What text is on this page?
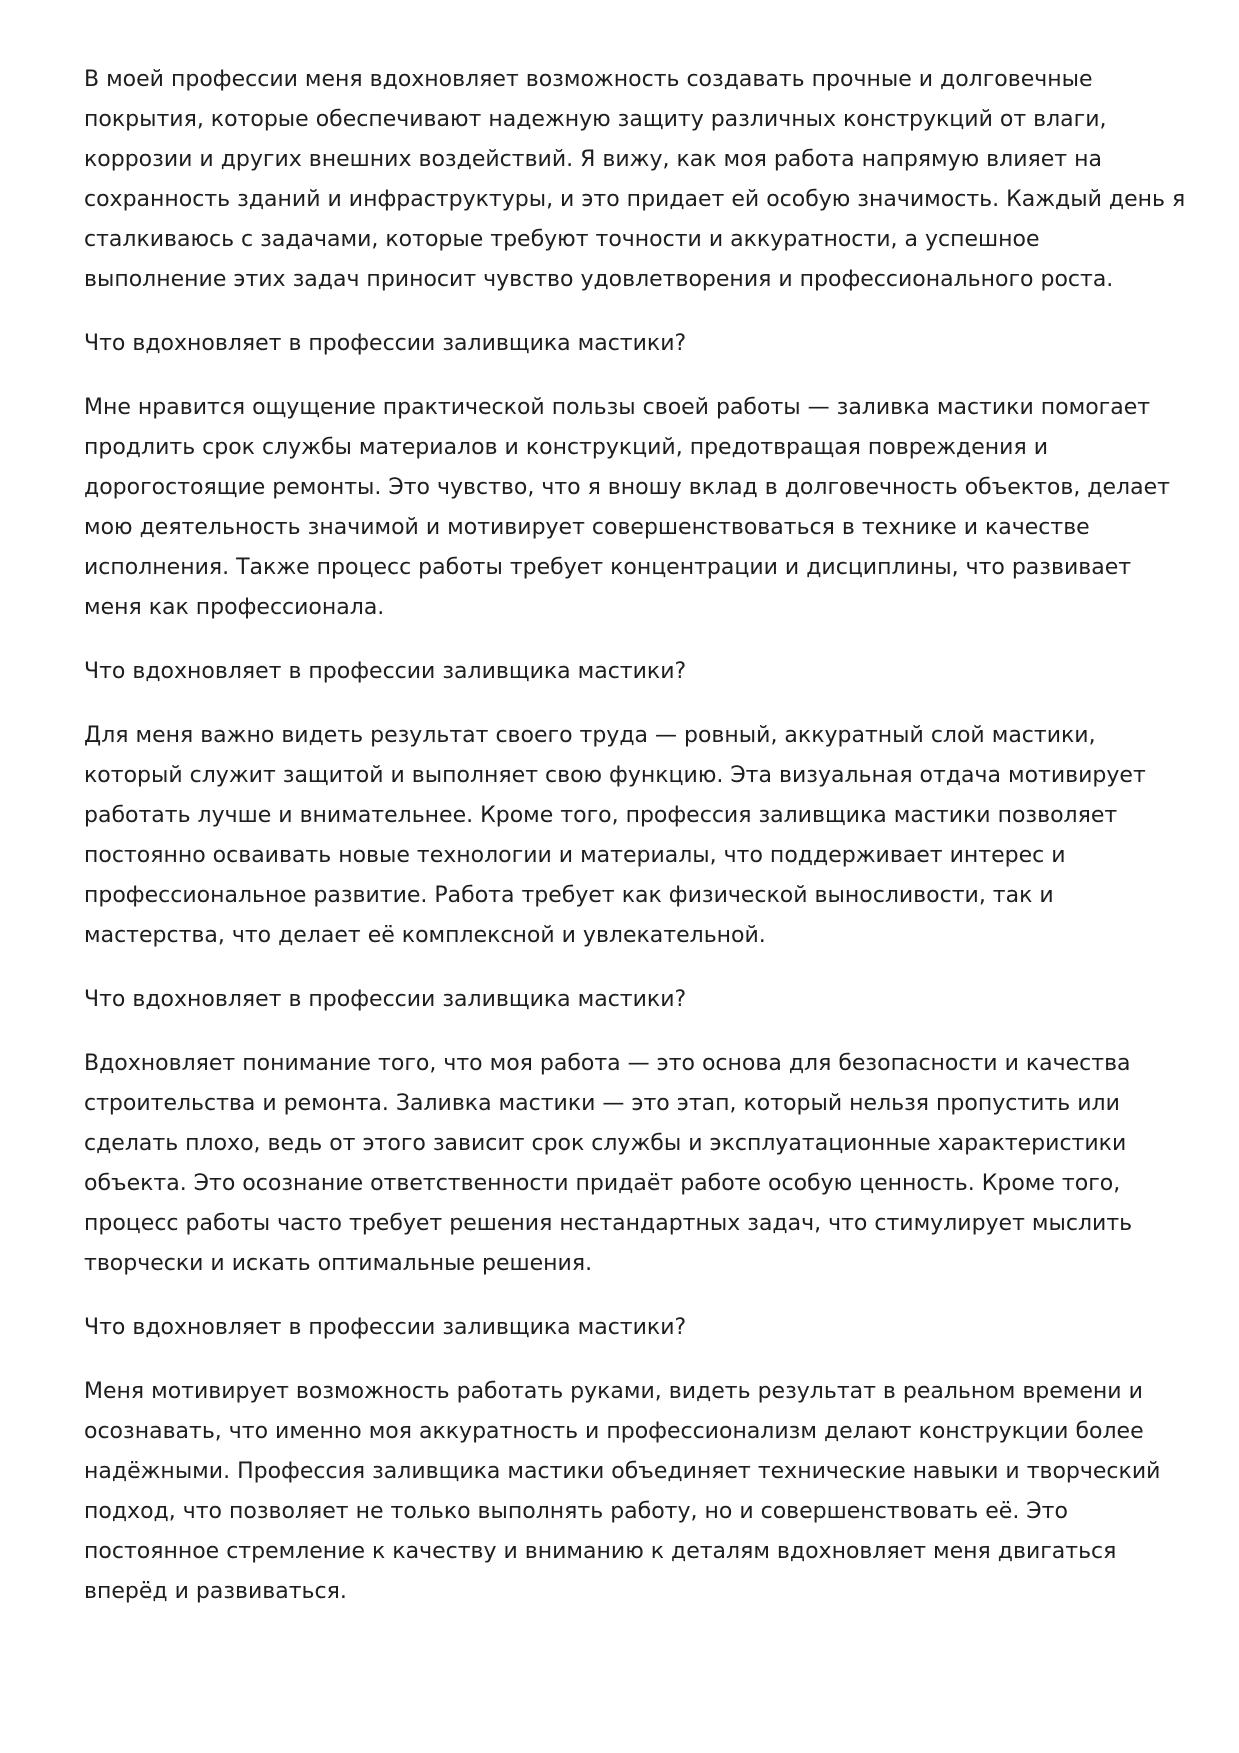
В моей профессии меня вдохновляет возможность создавать прочные и долговечные
покрытия, которые обеспечивают надежную защиту различных конструкций от влаги,
коррозии и других внешних воздействий. Я вижу, как моя работа напрямую влияет на
сохранность зданий и инфраструктуры, и это придает ей особую значимость. Каждый день я
сталкиваюсь с задачами, которые требуют точности и аккуратности, а успешное
выполнение этих задач приносит чувство удовлетворения и профессионального роста.

Что вдохновляет в профессии заливщика мастики?

Мне нравится ощущение практической пользы своей работы — заливка мастики помогает
продлить срок службы материалов и конструкций, предотвращая повреждения и
дорогостоящие ремонты. Это чувство, что я вношу вклад в долговечность объектов, делает
мою деятельность значимой и мотивирует совершенствоваться в технике и качестве
исполнения. Также процесс работы требует концентрации и дисциплины, что развивает
меня как профессионала.

Что вдохновляет в профессии заливщика мастики?

Для меня важно видеть результат своего труда — ровный, аккуратный слой мастики,
который служит защитой и выполняет свою функцию. Эта визуальная отдача мотивирует
работать лучше и внимательнее. Кроме того, профессия заливщика мастики позволяет
постоянно осваивать новые технологии и материалы, что поддерживает интерес и
профессиональное развитие. Работа требует как физической выносливости, так и
мастерства, что делает её комплексной и увлекательной.

Что вдохновляет в профессии заливщика мастики?

Вдохновляет понимание того, что моя работа — это основа для безопасности и качества
строительства и ремонта. Заливка мастики — это этап, который нельзя пропустить или
сделать плохо, ведь от этого зависит срок службы и эксплуатационные характеристики
объекта. Это осознание ответственности придаёт работе особую ценность. Кроме того,
процесс работы часто требует решения нестандартных задач, что стимулирует мыслить
творчески и искать оптимальные решения.

Что вдохновляет в профессии заливщика мастики?

Меня мотивирует возможность работать руками, видеть результат в реальном времени и
осознавать, что именно моя аккуратность и профессионализм делают конструкции более
надёжными. Профессия заливщика мастики объединяет технические навыки и творческий
подход, что позволяет не только выполнять работу, но и совершенствовать её. Это
постоянное стремление к качеству и вниманию к деталям вдохновляет меня двигаться
вперёд и развиваться.
